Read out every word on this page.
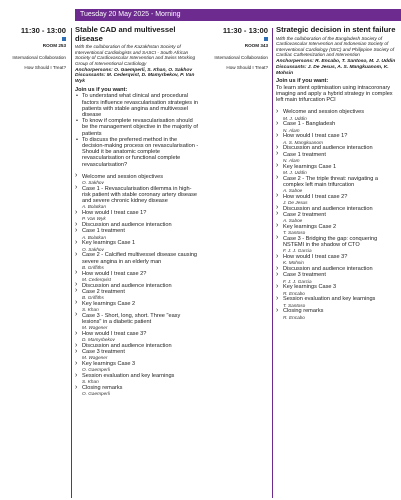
Tuesday 20 May 2025 - Morning
11:30 - 13:00
ROOM 253
International Collaboration
How Should I Treat?
Stable CAD and multivessel disease
With the collaboration of the Kazakhstan Society of Interventional Cardiologists and SASCI - South African Society of Cardiovascular Intervention and Swiss Working Group of Interventional Cardiology
Anchorpersons: O. Gaemperli, S. Khan, O. Sakhov
Discussants: M. Cederqvist, D. Mamyrbekov, P. Van Wyk
Join us if you want:
• To understand what clinical and procedural factors influence revascularisation strategies in patients with stable angina and multivessel disease
• To know if complete revascularisation should be the management objective in the majority of patients
• To discuss the preferred method in the decision-making process on revascularisation - Should it be anatomic complete revascularisation or functional complete revascularisation?
› Welcome and session objectives
O. Sakhov
› Case 1 - Revascularisation dilemma in high-risk patient with stable coronary artery disease and severe chronic kidney disease
A. Bolatkan
› How would I treat case 1?
P. Van Wyk
› Discussion and audience interaction
› Case 1 treatment
A. Bolatkan
› Key learnings Case 1
O. Sakhov
› Case 2 - Calcified multivessel disease causing severe angina in an elderly man
B. Griffiths
› How would I treat case 2?
M. Cederqvist
› Discussion and audience interaction
› Case 2 treatment
B. Griffiths
› Key learnings Case 2
S. Khan
› Case 3 - Short, long, short. Three "easy lesions" in a diabetic patient
M. Wagener
› How would I treat case 3?
D. Mamyrbekov
› Discussion and audience interaction
› Case 3 treatment
M. Wagener
› Key learnings Case 3
O. Gaemperli
› Session evaluation and key learnings
S. Khan
› Closing remarks
O. Gaemperli
11:30 - 13:00
ROOM 343
International Collaboration
How Should I Treat?
Strategic decision in stent failure
With the collaboration of the Bangladesh Society of Cardiovascular Intervention and Indonesian Society of Interventional Cardiology (ISIC) and Philippine Society of Cardiac Catheterization and Intervention
Anchorpersons: R. Encabo, T. Santoso, M. J. Uddin
Discussants: J. De Jesus, A. S. Mangkuanom, K. Mohsin
Join us if you want:
To learn stent optimisation using intracoronary imaging and apply a hybrid strategy in complex left main trifurcation PCI
› Welcome and session objectives
M. J. Uddin
› Case 1 - Bangladesh
N. Alam
› How would I treat case 1?
A. S. Mangkuanom
› Discussion and audience interaction
› Case 1 treatment
N. Alam
› Key learnings Case 1
M. J. Uddin
› Case 2 - The triple threat: navigating a complex left main trifurcation
A. Saboe
› How would I treat case 2?
J. De Jesus
› Discussion and audience interaction
› Case 2 treatment
A. Saboe
› Key learnings Case 2
T. Santoso
› Case 3 - Bridging the gap: conquering NSTEMI in the shadow of CTO
F. J. J. Garcia
› How would I treat case 3?
K. Mohsin
› Discussion and audience interaction
› Case 3 treatment
F. J. J. Garcia
› Key learnings Case 3
R. Encabo
› Session evaluation and key learnings
T. Santoso
› Closing remarks
R. Encabo
